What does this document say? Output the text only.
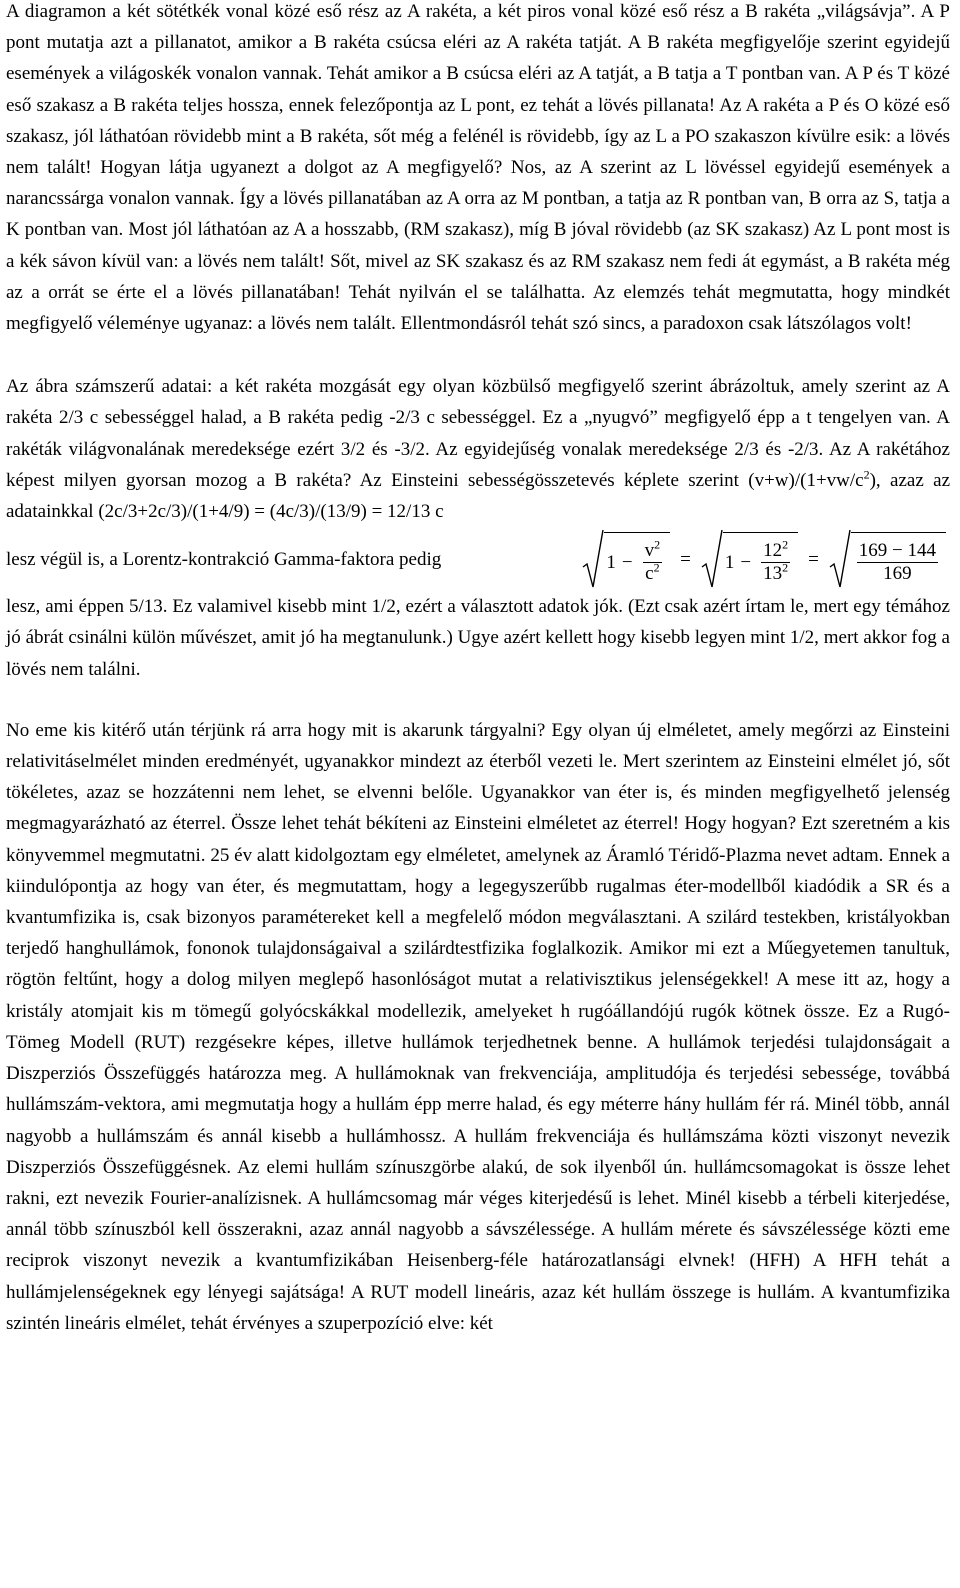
A diagramon a két sötétkék vonal közé eső rész az A rakéta, a két piros vonal közé eső rész a B rakéta „világsávja”. A P pont mutatja azt a pillanatot, amikor a B rakéta csúcsa eléri az A rakéta tatját. A B rakéta megfigyelője szerint egyidejű események a világoskék vonalon vannak. Tehát amikor a B csúcsa eléri az A tatját, a B tatja a T pontban van. A P és T közé eső szakasz a B rakéta teljes hossza, ennek felezőpontja az L pont, ez tehát a lövés pillanata! Az A rakéta a P és O közé eső szakasz, jól láthatóan rövidebb mint a B rakéta, sőt még a felénél is rövidebb, így az L a PO szakaszon kívülre esik: a lövés nem talált! Hogyan látja ugyanezt a dolgot az A megfigyelő? Nos, az A szerint az L lövéssel egyidejű események a narancssárga vonalon vannak. Így a lövés pillanatában az A orra az M pontban, a tatja az R pontban van, B orra az S, tatja a K pontban van. Most jól láthatóan az A a hosszabb, (RM szakasz), míg B jóval rövidebb (az SK szakasz) Az L pont most is a kék sávon kívül van: a lövés nem talált! Sőt, mivel az SK szakasz és az RM szakasz nem fedi át egymást, a B rakéta még az a orrát se érte el a lövés pillanatában! Tehát nyilván el se találhatta. Az elemzés tehát megmutatta, hogy mindkét megfigyelő véleménye ugyanaz: a lövés nem talált. Ellentmondásról tehát szó sincs, a paradoxon csak látszólagos volt!

Az ábra számszerű adatai: a két rakéta mozgását egy olyan közbülső megfigyelő szerint ábrázoltuk, amely szerint az A rakéta 2/3 c sebességgel halad, a B rakéta pedig -2/3 c sebességgel. Ez a „nyugvó” megfigyelő épp a t tengelyen van. A rakéták világvonalának meredeksége ezért 3/2 és -3/2. Az egyidejűség vonalak meredeksége 2/3 és -2/3. Az A rakétához képest milyen gyorsan mozog a B rakéta? Az Einsteini sebességösszetevés képlete szerint $(v+w)/(1+vw/c^2)$, azaz az adatainkkal (2c/3+2c/3)/(1+4/9) = (4c/3)/(13/9) = 12/13 c

lesz végül is, a Lorentz-kontrakció Gamma-faktora pedig	$1 - \frac{v^2}{c^2} = 1 - \frac{12^2}{13^2} = \frac{169 - 144}{169}$

lesz, ami éppen 5/13. Ez valamivel kisebb mint 1/2, ezért a választott adatok jók. (Ezt csak azért írtam le, mert egy témához jó ábrát csinálni külön művészet, amit jó ha megtanulunk.) Ugye azért kellett hogy kisebb legyen mint 1/2, mert akkor fog a lövés nem találni.

No eme kis kitérő után térjünk rá arra hogy mit is akarunk tárgyalni? Egy olyan új elméletet, amely megőrzi az Einsteini relativitáselmélet minden eredményét, ugyanakkor mindezt az éterből vezeti le. Mert szerintem az Einsteini elmélet jó, sőt tökéletes, azaz se hozzátenni nem lehet, se elvenni belőle. Ugyanakkor van éter is, és minden megfigyelhető jelenség megmagyarázható az éterrel. Össze lehet tehát békíteni az Einsteini elméletet az éterrel! Hogy hogyan? Ezt szeretném a kis könyvemmel megmutatni. 25 év alatt kidolgoztam egy elméletet, amelynek az Áramló Téridő-Plazma nevet adtam. Ennek a kiindulópontja az hogy van éter, és megmutattam, hogy a legegyszerűbb rugalmas éter-modellből kiadódik a SR és a kvantumfizika is, csak bizonyos paramétereket kell a megfelelő módon megválasztani. A szilárd testekben, kristályokban terjedő hanghullámok, fononok tulajdonságaival a szilárdtestfizika foglalkozik. Amikor mi ezt a Műegyetemen tanultuk, rögtön feltűnt, hogy a dolog milyen meglepő hasonlóságot mutat a relativisztikus jelenségekkel! A mese itt az, hogy a kristály atomjait kis m tömegű golyócskákkal modellezik, amelyeket h rugóállandójú rugók kötnek össze. Ez a Rugó-Tömeg Modell (RUT) rezgésekre képes, illetve hullámok terjedhetnek benne. A hullámok terjedési tulajdonságait a Diszperziós Összefüggés határozza meg. A hullámoknak van frekvenciája, amplitudója és terjedési sebessége, továbbá hullámszám-vektora, ami megmutatja hogy a hullám épp merre halad, és egy méterre hány hullám fér rá. Minél több, annál nagyobb a hullámszám és annál kisebb a hullámhossz. A hullám frekvenciája és hullámszáma közti viszonyt nevezik Diszperziós Összefüggésnek. Az elemi hullám színuszgörbe alakú, de sok ilyenből ún. hullámcsomagokat is össze lehet rakni, ezt nevezik Fourier-analízisnek. A hullámcsomag már véges kiterjedésű is lehet. Minél kisebb a térbeli kiterjedése, annál több színuszból kell összerakni, azaz annál nagyobb a sávszélessége. A hullám mérete és sávszélessége közti eme reciprok viszonyt nevezik a kvantumfizikában Heisenberg-féle határozatlansági elvnek! (HFH) A HFH tehát a hullámjelenségeknek egy lényegi sajátsága! A RUT modell lineáris, azaz két hullám összege is hullám. A kvantumfizika szintén lineáris elmélet, tehát érvényes a szuperpozíció elve: két
